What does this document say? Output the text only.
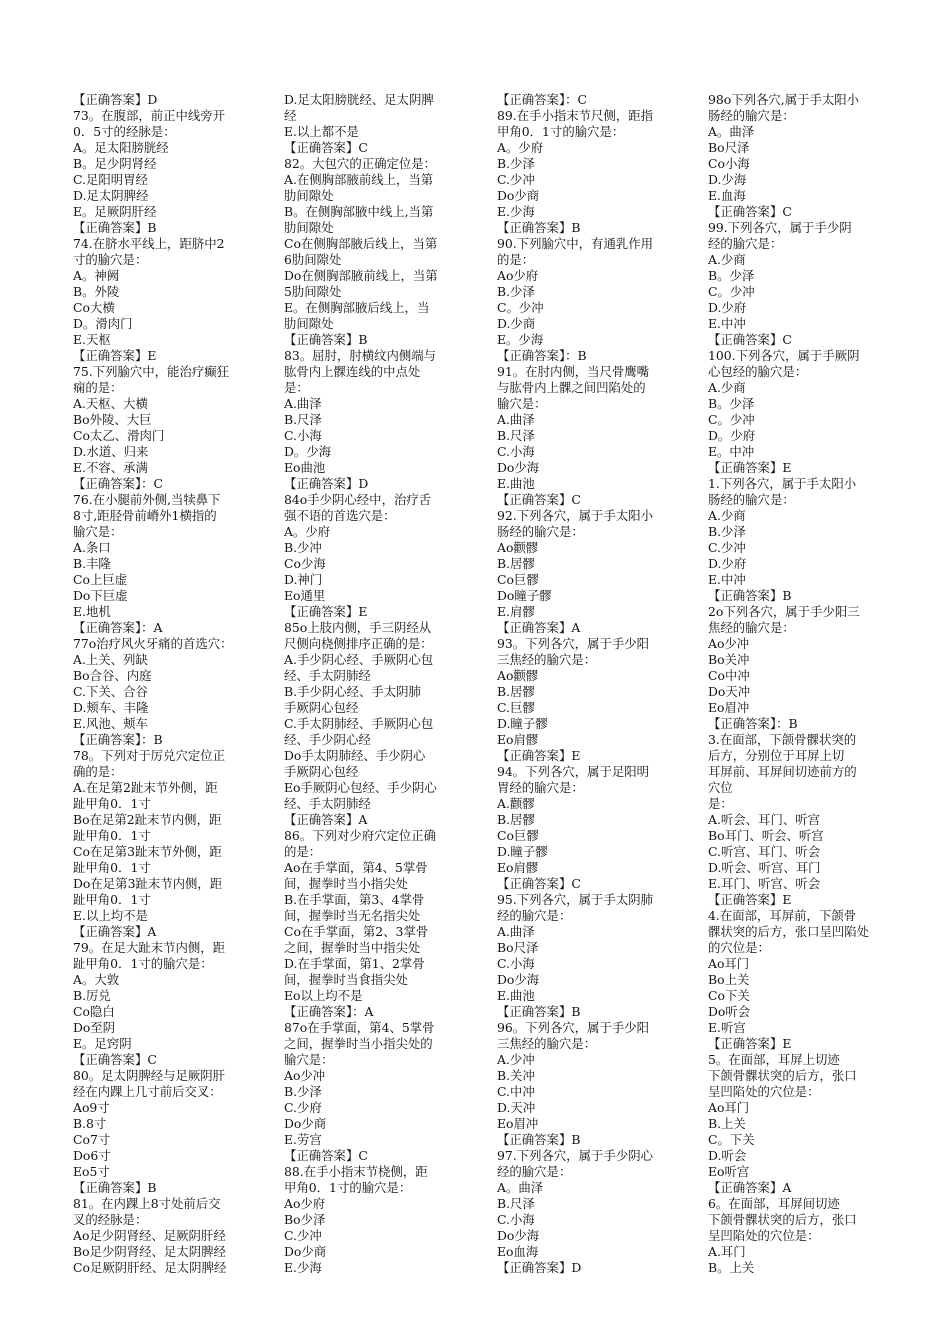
【正确答案】D
73。在腹部，前正中线旁开
0．5寸的经脉是：
A。足太阳膀胱经
B。足少阴肾经
C.足阳明胃经
D.足太阴脾经
E。足厥阴肝经
【正确答案】B
74.在脐水平线上，距脐中2
寸的腧穴是：
A。神阙
B。外陵
Co大横
D。滑肉门
E.天枢
【正确答案】E
75.下列腧穴中，能治疗癫狂
痫的是：
A.天枢、大横
Bo外陵、大巨
Co太乙、滑肉门
D.水道、归来
E.不容、承满
【正确答案】：C
76.在小腿前外侧,当犊鼻下
8寸,距胫骨前嵴外1横指的
腧穴是：
A.条口
B.丰隆
Co上巨虚
Do下巨虚
E.地机
【正确答案】：A
77o治疗风火牙痛的首选穴：
A.上关、列缺
Bo合谷、内庭
C.下关、合谷
D.颊车、丰隆
E.风池、颊车
【正确答案】：B
78。下列对于厉兑穴定位正
确的是：
A.在足第2趾末节外侧，距
趾甲角0．1寸
Bo在足第2趾末节内侧，距
趾甲角0．1寸
Co在足第3趾末节外侧，距
趾甲角0．1寸
Do在足第3趾末节内侧，距
趾甲角0．1寸
E.以上均不是
【正确答案】A
79。在足大趾末节内侧，距
趾甲角0．1寸的腧穴是：
A。大敦
B.厉兑
Co隐白
Do至阴
E。足窍阴
【正确答案】C
80。足太阴脾经与足厥阴肝
经在内踝上几寸前后交叉：
Ao9寸
B.8寸
Co7寸
Do6寸
Eo5寸
【正确答案】B
81。在内踝上8寸处前后交
叉的经脉是：
Ao足少阴肾经、足厥阴肝经
Bo足少阴肾经、足太阴脾经
Co足厥阴肝经、足太阴脾经
D.足太阳膀胱经、足太阴脾
经
E.以上都不是
【正确答案】C
82。大包穴的正确定位是：
A.在侧胸部腋前线上，当第
肋间隙处
B。在侧胸部腋中线上,当第
肋间隙处
Co在侧胸部腋后线上，当第
6肋间隙处
Do在侧胸部腋前线上，当第
5肋间隙处
E。在侧胸部腋后线上，当
肋间隙处
【正确答案】B
83。屈肘，肘横纹内侧端与
肱骨内上髁连线的中点处
是：
A.曲泽
B.尺泽
C.小海
D。少海
Eo曲池
【正确答案】D
84o手少阴心经中，治疗舌
强不语的首选穴是：
A。少府
B.少冲
Co少海
D.神门
Eo通里
【正确答案】E
85o上肢内侧，手三阴经从
尺侧向桡侧排序正确的是：
A.手少阴心经、手厥阴心包
经、手太阴肺经
B.手少阴心经、手太阴肺
手厥阴心包经
C.手太阴肺经、手厥阴心包
经、手少阴心经
Do手太阴肺经、手少阴心
手厥阴心包经
Eo手厥阴心包经、手少阴心
经、手太阴肺经
【正确答案】A
86。下列对少府穴定位正确
的是：
Ao在手掌面，第4、5掌骨
间，握拳时当小指尖处
B.在手掌面，第3、4掌骨
间，握拳时当无名指尖处
Co在手掌面，第2、3掌骨
之间，握拳时当中指尖处
D.在手掌面，第1、2掌骨
间，握拳时当食指尖处
Eo以上均不是
【正确答案】：A
87o在手掌面，第4、5掌骨
之间，握拳时当小指尖处的
腧穴是：
Ao少冲
B.少泽
C.少府
Do少商
E.劳宫
【正确答案】C
88.在手小指末节桡侧，距
甲角0．1寸的腧穴是：
Ao少府
Bo少泽
C.少冲
Do少商
E.少海
【正确答案】：C
89.在手小指末节尺侧，距指
甲角0．1寸的腧穴是：
A。少府
B.少泽
C.少冲
Do少商
E.少海
【正确答案】B
90.下列腧穴中，有通乳作用
的是：
Ao少府
B.少泽
C。少冲
D.少商
E。少海
【正确答案】：B
91。在肘内侧，当尺骨鹰嘴
与肱骨内上髁之间凹陷处的
腧穴是：
A.曲泽
B.尺泽
C.小海
Do少海
E.曲池
【正确答案】C
92.下列各穴，属于手太阳小
肠经的腧穴是：
Ao颧髎
B.居髎
Co巨髎
Do瞳子髎
E.肩髎
【正确答案】A
93。下列各穴，属于手少阳
三焦经的腧穴是：
Ao颧髎
B.居髎
C.巨髎
D.瞳子髎
Eo肩髎
【正确答案】E
94。下列各穴，属于足阳明
胃经的腧穴是：
A.颧髎
B.居髎
Co巨髎
D.瞳子髎
Eo肩髎
【正确答案】C
95.下列各穴，属于手太阴肺
经的腧穴是：
A.曲泽
Bo尺泽
C.小海
Do少海
E.曲池
【正确答案】B
96。下列各穴，属于手少阳
三焦经的腧穴是：
A.少冲
B.关冲
C.中冲
D.天冲
Eo眉冲
【正确答案】B
97.下列各穴，属于手少阴心
经的腧穴是：
A。曲泽
B.尺泽
C.小海
Do少海
Eo血海
【正确答案】D
98o下列各穴,属于手太阳小
肠经的腧穴是：
A。曲泽
Bo尺泽
Co小海
D.少海
E.血海
【正确答案】C
99.下列各穴，属于手少阴
经的腧穴是：
A.少商
B。少泽
C。少冲
D.少府
E.中冲
【正确答案】C
100.下列各穴，属于手厥阴
心包经的腧穴是：
A.少商
B。少泽
C。少冲
D。少府
E。中冲
【正确答案】E
1.下列各穴，属于手太阳小
肠经的腧穴是：
A.少商
B.少泽
C.少冲
D.少府
E.中冲
【正确答案】B
2o下列各穴，属于手少阳三
焦经的腧穴是：
Ao少冲
Bo关冲
Co中冲
Do天冲
Eo眉冲
【正确答案】：B
3.在面部，下颌骨髁状突的
后方，分别位于耳屏上切
耳屏前、耳屏间切迹前方的
穴位
是：
A.听会、耳门、听宫
Bo耳门、听会、听宫
C.听宫、耳门、听会
D.听会、听宫、耳门
E.耳门、听宫、听会
【正确答案】E
4.在面部，耳屏前，下颌骨
髁状突的后方，张口呈凹陷处
的穴位是：
Ao耳门
Bo上关
Co下关
Do听会
E.听宫
【正确答案】E
5。在面部，耳屏上切迹
下颌骨髁状突的后方，张口
呈凹陷处的穴位是：
Ao耳门
B.上关
C。下关
D.听会
Eo听宫
【正确答案】A
6。在面部，耳屏间切迹
下颌骨髁状突的后方，张口
呈凹陷处的穴位是：
A.耳门
B。上关
